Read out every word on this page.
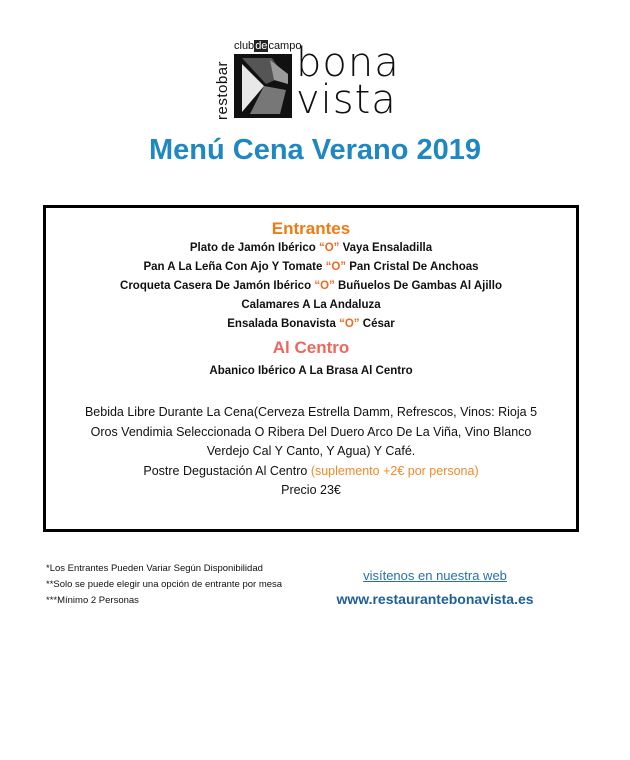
restobar
clubdecampo
bona
vista
Menú Cena Verano 2019
Entrantes
Plato de Jamón Ibérico “O” Vaya Ensaladilla
Pan A La Leña Con Ajo Y Tomate “O” Pan Cristal De Anchoas
Croqueta Casera De Jamón Ibérico “O” Buñuelos De Gambas Al Ajillo
Calamares A La Andaluza
Ensalada Bonavista “O” César
Al Centro
Abanico Ibérico A La Brasa Al Centro
Bebida Libre Durante La Cena(Cerveza Estrella Damm, Refrescos, Vinos: Rioja 5
Oros Vendimia Seleccionada O Ribera Del Duero Arco De La Viña, Vino Blanco
Verdejo Cal Y Canto, Y Agua) Y Café.
Postre Degustación Al Centro (suplemento +2€ por persona)
Precio 23€
*Los Entrantes Pueden Variar Según Disponibilidad
**Solo se puede elegir una opción de entrante por mesa
***Mínimo 2 Personas
visítenos en nuestra web
www.restaurantebonavista.es
